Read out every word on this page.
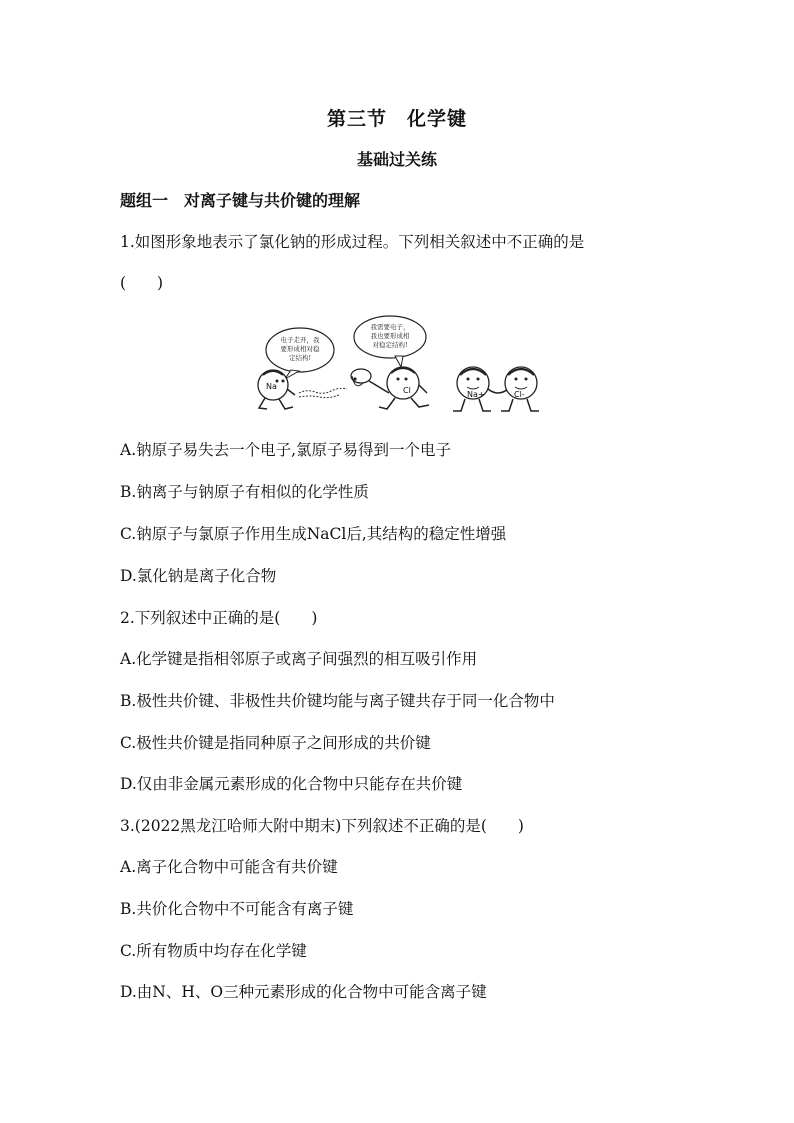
第三节　化学键
基础过关练
题组一　对离子键与共价键的理解
1.如图形象地表示了氯化钠的形成过程。下列相关叙述中不正确的是
(　　)
电子走开，我
要形成相对稳
定结构!
我需要电子，
我也要形成相
对稳定结构!
Na	Cl	Na+	Cl-
A.钠原子易失去一个电子,氯原子易得到一个电子
B.钠离子与钠原子有相似的化学性质
C.钠原子与氯原子作用生成NaCl后,其结构的稳定性增强
D.氯化钠是离子化合物
2.下列叙述中正确的是(　　)
A.化学键是指相邻原子或离子间强烈的相互吸引作用
B.极性共价键、非极性共价键均能与离子键共存于同一化合物中
C.极性共价键是指同种原子之间形成的共价键
D.仅由非金属元素形成的化合物中只能存在共价键
3.(2022黑龙江哈师大附中期末)下列叙述不正确的是(　　)
A.离子化合物中可能含有共价键
B.共价化合物中不可能含有离子键
C.所有物质中均存在化学键
D.由N、H、O三种元素形成的化合物中可能含离子键
